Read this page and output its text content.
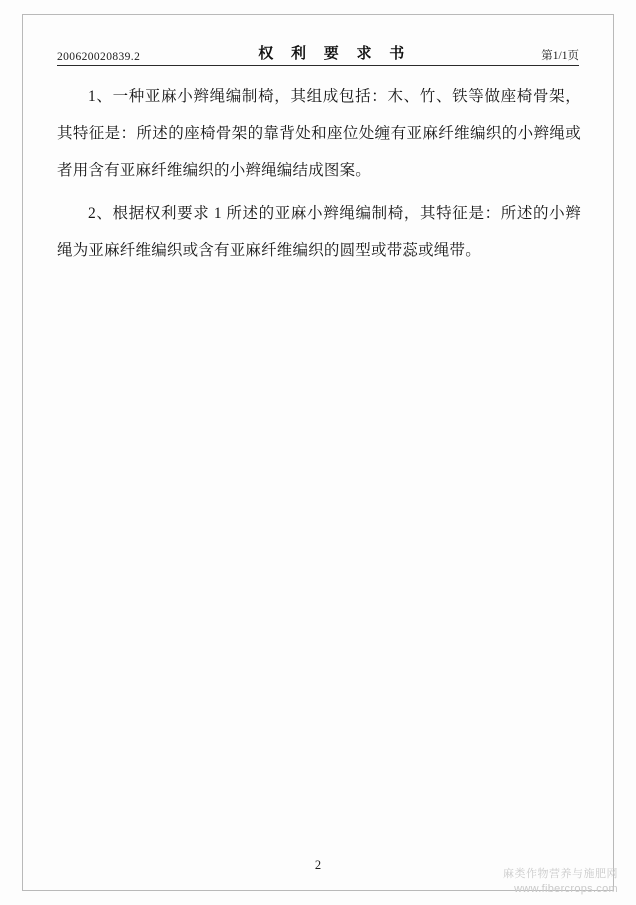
200620020839.2	权 利 要 求 书	第1/1页

1、一种亚麻小辫绳编制椅，其组成包括：木、竹、铁等做座椅骨架，其特征是：所述的座椅骨架的靠背处和座位处缠有亚麻纤维编织的小辫绳或者用含有亚麻纤维编织的小辫绳编结成图案。

2、根据权利要求 1 所述的亚麻小辫绳编制椅，其特征是：所述的小辫绳为亚麻纤维编织或含有亚麻纤维编织的圆型或带蕊或绳带。

2
麻类作物营养与施肥网
www.fibercrops.com
